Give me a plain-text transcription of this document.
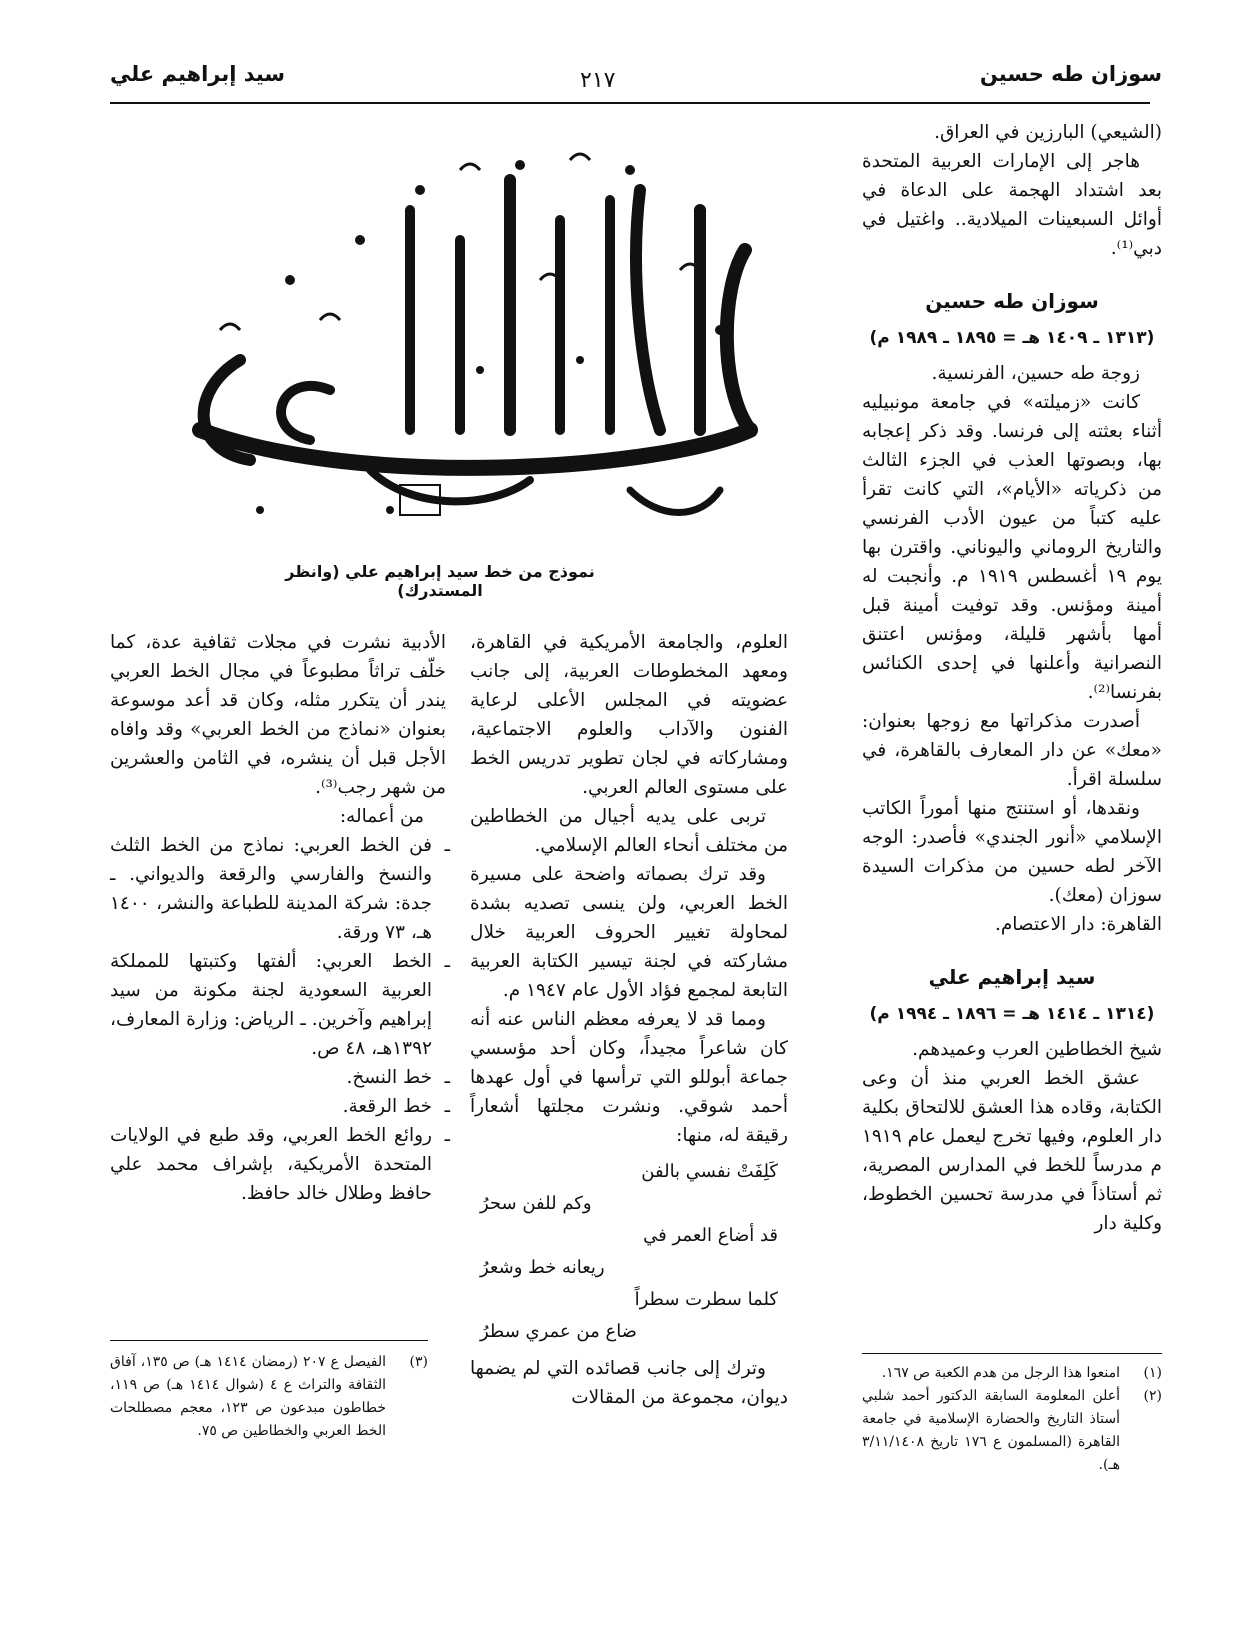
سوزان طه حسين
٢١٧
سيد إبراهيم علي

(الشيعي) البارزين في العراق.

هاجر إلى الإمارات العربية المتحدة بعد اشتداد الهجمة على الدعاة في أوائل السبعينات الميلادية.. واغتيل في دبي⁽¹⁾.

سوزان طه حسين
(١٣١٣ ـ ١٤٠٩ هـ = ١٨٩٥ ـ ١٩٨٩ م)

زوجة طه حسين، الفرنسية.

كانت «زميلته» في جامعة مونبيليه أثناء بعثته إلى فرنسا. وقد ذكر إعجابه بها، وبصوتها العذب في الجزء الثالث من ذكرياته «الأيام»، التي كانت تقرأ عليه كتباً من عيون الأدب الفرنسي والتاريخ الروماني واليوناني. واقترن بها يوم ١٩ أغسطس ١٩١٩ م. وأنجبت له أمينة ومؤنس. وقد توفيت أمينة قبل أمها بأشهر قليلة، ومؤنس اعتنق النصرانية وأعلنها في إحدى الكنائس بفرنسا⁽²⁾.

أصدرت مذكراتها مع زوجها بعنوان: «معك» عن دار المعارف بالقاهرة، في سلسلة اقرأ.

ونقدها، أو استنتج منها أموراً الكاتب الإسلامي «أنور الجندي» فأصدر: الوجه الآخر لطه حسين من مذكرات السيدة سوزان (معك).

القاهرة: دار الاعتصام.

سيد إبراهيم علي
(١٣١٤ ـ ١٤١٤ هـ = ١٨٩٦ ـ ١٩٩٤ م)

شيخ الخطاطين العرب وعميدهم.

عشق الخط العربي منذ أن وعى الكتابة، وقاده هذا العشق للالتحاق بكلية دار العلوم، وفيها تخرج ليعمل عام ١٩١٩ م مدرساً للخط في المدارس المصرية، ثم أستاذاً في مدرسة تحسين الخطوط، وكلية دار

(١)
امنعوا هذا الرجل من هدم الكعبة ص ١٦٧.
(٢)
أعلن المعلومة السابقة الدكتور أحمد شلبي أستاذ التاريخ والحضارة الإسلامية في جامعة القاهرة (المسلمون ع ١٧٦ تاريخ ٣/١١/١٤٠٨ هـ).
نموذج من خط سيد إبراهيم علي (وانظر المستدرك)

العلوم، والجامعة الأمريكية في القاهرة، ومعهد المخطوطات العربية، إلى جانب عضويته في المجلس الأعلى لرعاية الفنون والآداب والعلوم الاجتماعية، ومشاركاته في لجان تطوير تدريس الخط على مستوى العالم العربي.

تربى على يديه أجيال من الخطاطين من مختلف أنحاء العالم الإسلامي.

وقد ترك بصماته واضحة على مسيرة الخط العربي، ولن ينسى تصديه بشدة لمحاولة تغيير الحروف العربية خلال مشاركته في لجنة تيسير الكتابة العربية التابعة لمجمع فؤاد الأول عام ١٩٤٧ م.

ومما قد لا يعرفه معظم الناس عنه أنه كان شاعراً مجيداً، وكان أحد مؤسسي جماعة أبوللو التي ترأسها في أول عهدها أحمد شوقي. ونشرت مجلتها أشعاراً رقيقة له، منها:

كَلِفَتْ نفسي بالفن
وكم للفن سحرُ
قد أضاع العمر في
ريعانه خط وشعرُ
كلما سطرت سطراً
ضاع من عمري سطرُ

وترك إلى جانب قصائده التي لم يضمها ديوان، مجموعة من المقالات

الأدبية نشرت في مجلات ثقافية عدة، كما خلّف تراثاً مطبوعاً في مجال الخط العربي يندر أن يتكرر مثله، وكان قد أعد موسوعة بعنوان «نماذج من الخط العربي» وقد وافاه الأجل قبل أن ينشره، في الثامن والعشرين من شهر رجب⁽³⁾.

من أعماله:

ـ فن الخط العربي: نماذج من الخط الثلث والنسخ والفارسي والرقعة والديواني. ـ جدة: شركة المدينة للطباعة والنشر، ١٤٠٠ هـ، ٧٣ ورقة.
ـ الخط العربي: ألفتها وكتبتها للمملكة العربية السعودية لجنة مكونة من سيد إبراهيم وآخرين. ـ الرياض: وزارة المعارف، ١٣٩٢هـ، ٤٨ ص.
ـ خط النسخ.
ـ خط الرقعة.
ـ روائع الخط العربي، وقد طبع في الولايات المتحدة الأمريكية، بإشراف محمد علي حافظ وطلال خالد حافظ.
(٣)
الفيصل ع ٢٠٧ (رمضان ١٤١٤ هـ) ص ١٣٥، آفاق الثقافة والتراث ع ٤ (شوال ١٤١٤ هـ) ص ١١٩، خطاطون مبدعون ص ١٢٣، معجم مصطلحات الخط العربي والخطاطين ص ٧٥.
